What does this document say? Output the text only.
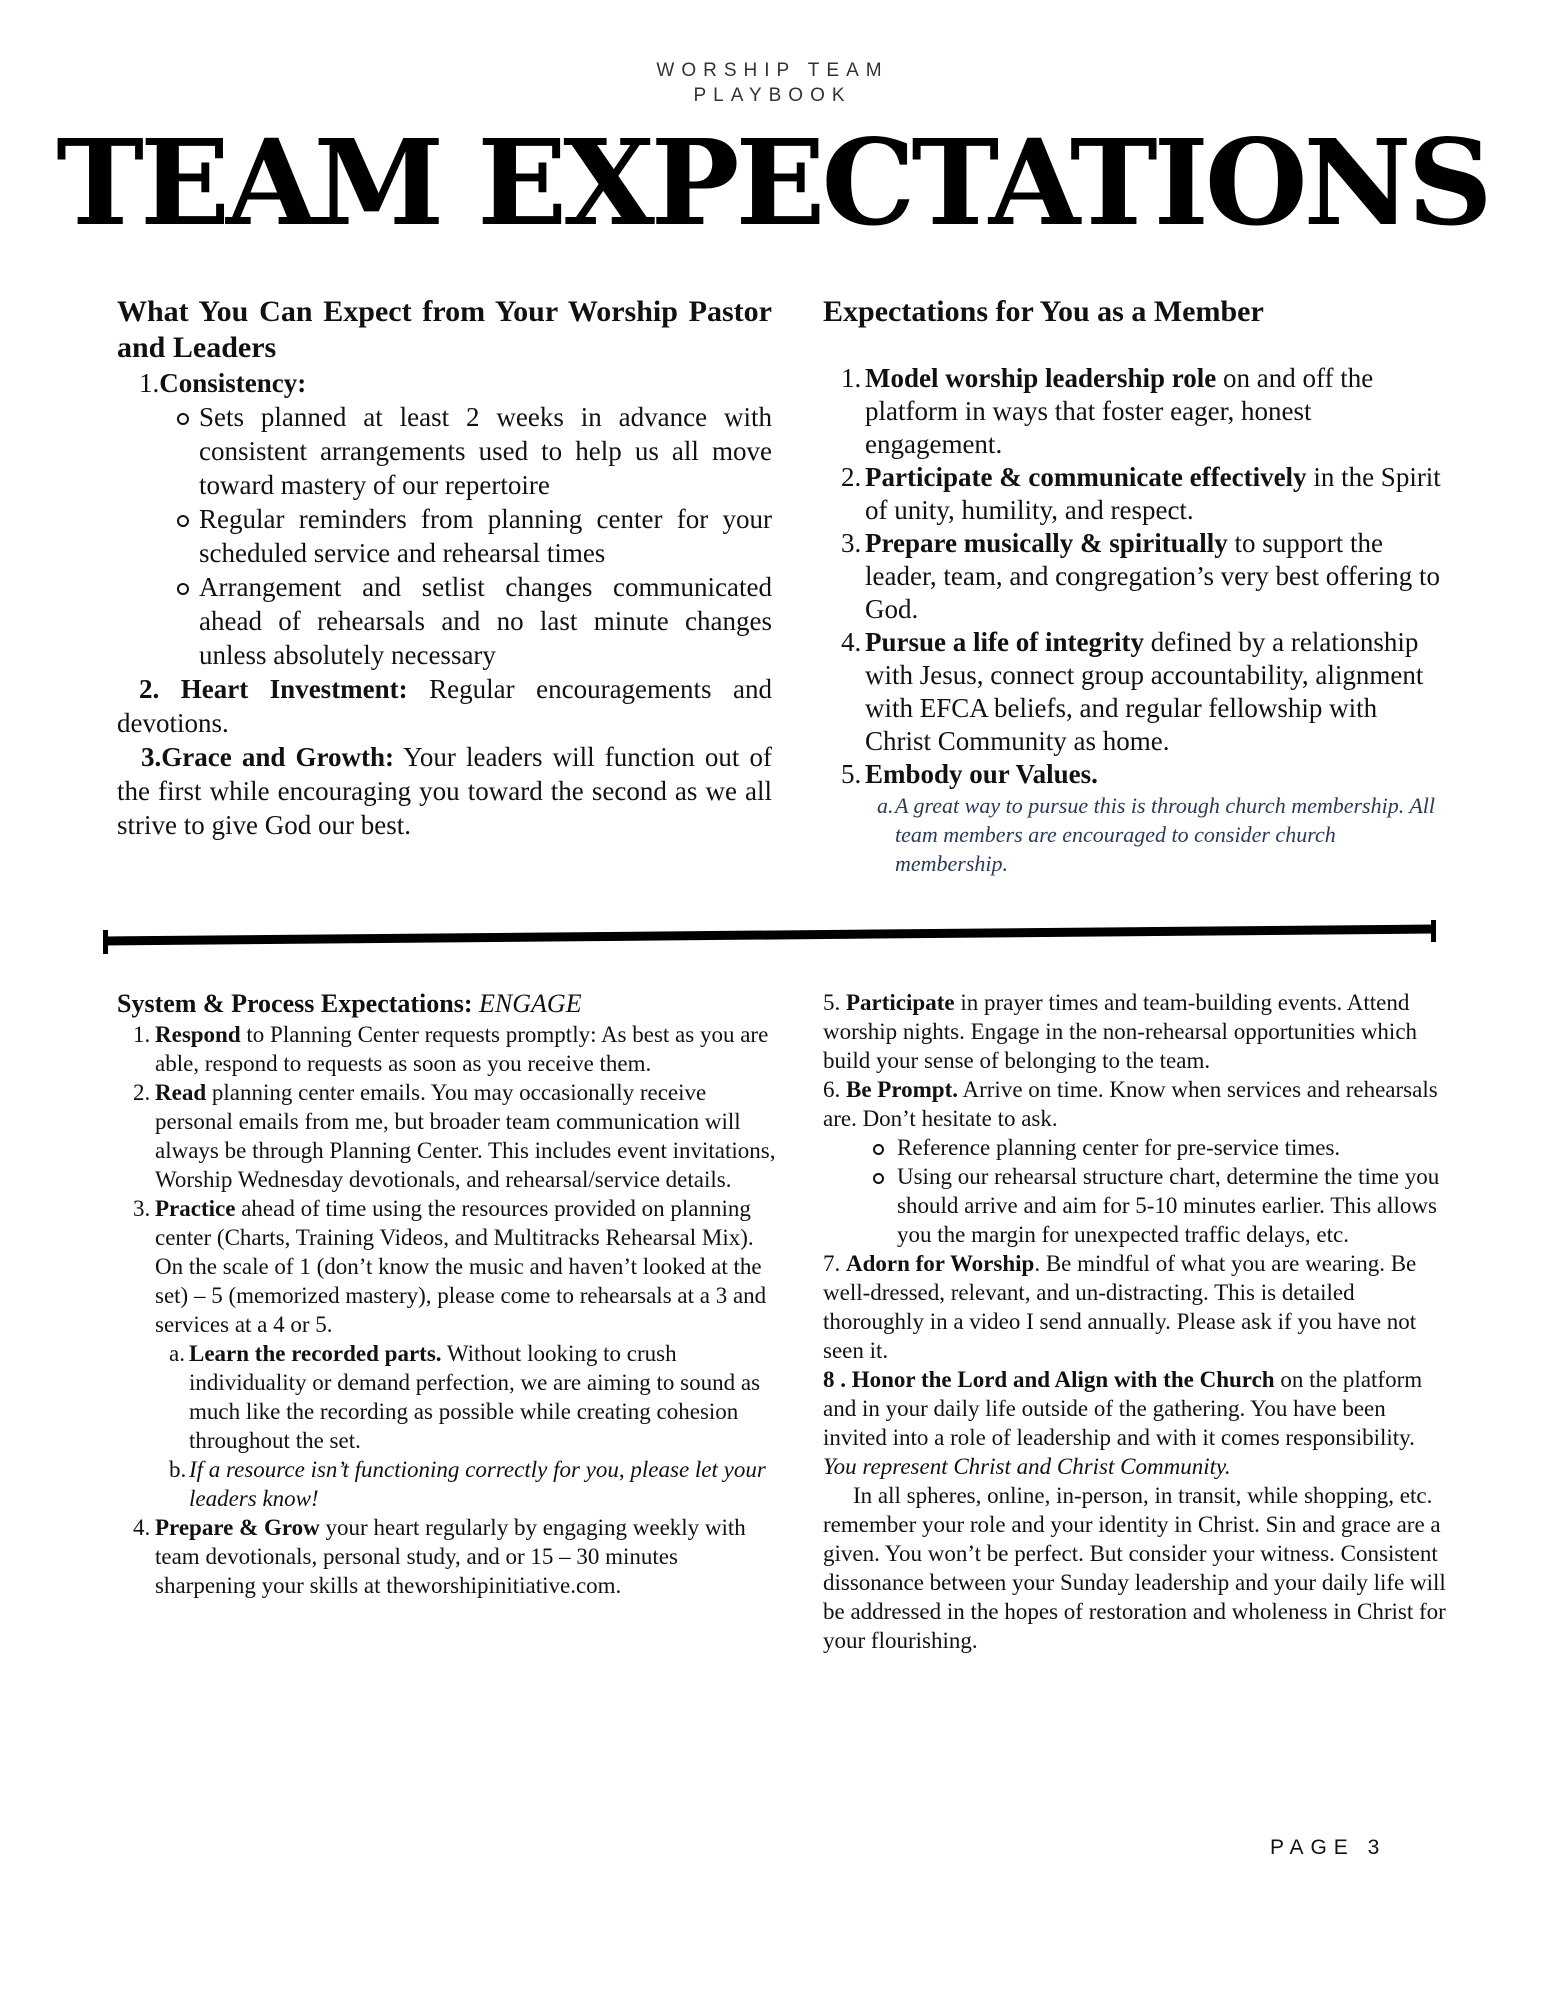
WORSHIP TEAM
PLAYBOOK
TEAM EXPECTATIONS
What You Can Expect from Your Worship Pastor and Leaders
1.Consistency:
Sets planned at least 2 weeks in advance with consistent arrangements used to help us all move toward mastery of our repertoire
Regular reminders from planning center for your scheduled service and rehearsal times
Arrangement and setlist changes communicated ahead of rehearsals and no last minute changes unless absolutely necessary
2. Heart Investment: Regular encouragements and devotions.
3.Grace and Growth: Your leaders will function out of the first while encouraging you toward the second as we all strive to give God our best.
Expectations for You as a Member
1. Model worship leadership role on and off the platform in ways that foster eager, honest engagement.
2. Participate & communicate effectively in the Spirit of unity, humility, and respect.
3. Prepare musically & spiritually to support the leader, team, and congregation’s very best offering to God.
4. Pursue a life of integrity defined by a relationship with Jesus, connect group accountability, alignment with EFCA beliefs, and regular fellowship with Christ Community as home.
5. Embody our Values.
a. A great way to pursue this is through church membership. All team members are encouraged to consider church membership.
System & Process Expectations: ENGAGE
1. Respond to Planning Center requests promptly: As best as you are able, respond to requests as soon as you receive them.
2. Read planning center emails. You may occasionally receive personal emails from me, but broader team communication will always be through Planning Center. This includes event invitations, Worship Wednesday devotionals, and rehearsal/service details.
3. Practice ahead of time using the resources provided on planning center (Charts, Training Videos, and Multitracks Rehearsal Mix). On the scale of 1 (don’t know the music and haven’t looked at the set) – 5 (memorized mastery), please come to rehearsals at a 3 and services at a 4 or 5.
a. Learn the recorded parts. Without looking to crush individuality or demand perfection, we are aiming to sound as much like the recording as possible while creating cohesion throughout the set.
b. If a resource isn’t functioning correctly for you, please let your leaders know!
4. Prepare & Grow your heart regularly by engaging weekly with team devotionals, personal study, and or 15 – 30 minutes sharpening your skills at theworshipinitiative.com.

5. Participate in prayer times and team-building events. Attend worship nights. Engage in the non-rehearsal opportunities which build your sense of belonging to the team.

6. Be Prompt. Arrive on time. Know when services and rehearsals are. Don’t hesitate to ask.

Reference planning center for pre-service times.
Using our rehearsal structure chart, determine the time you should arrive and aim for 5-10 minutes earlier. This allows you the margin for unexpected traffic delays, etc.

7. Adorn for Worship. Be mindful of what you are wearing. Be well-dressed, relevant, and un-distracting. This is detailed thoroughly in a video I send annually. Please ask if you have not seen it.

8 . Honor the Lord and Align with the Church on the platform and in your daily life outside of the gathering. You have been invited into a role of leadership and with it comes responsibility. You represent Christ and Christ Community.

In all spheres, online, in-person, in transit, while shopping, etc. remember your role and your identity in Christ. Sin and grace are a given. You won’t be perfect. But consider your witness. Consistent dissonance between your Sunday leadership and your daily life will be addressed in the hopes of restoration and wholeness in Christ for your flourishing.

PAGE 3
